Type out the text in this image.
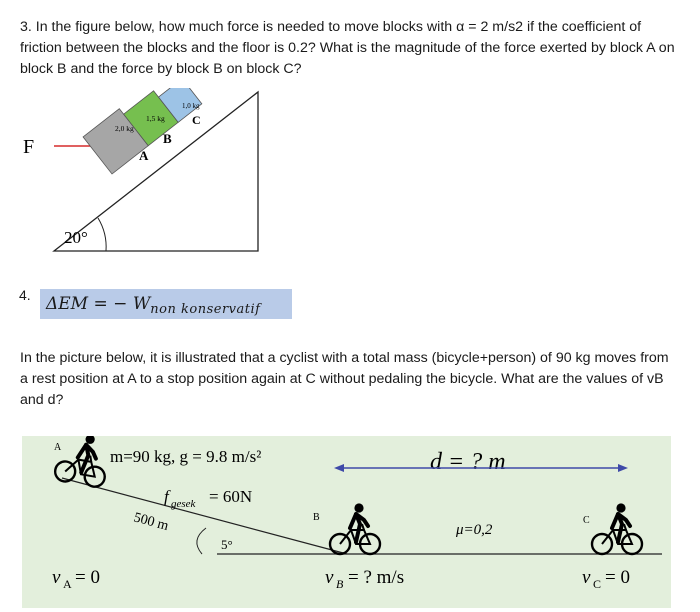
3. In the figure below, how much force is needed to move blocks with α = 2 m/s2 if the coefficient of friction between the blocks and the floor is 0.2? What is the magnitude of the force exerted by block A on block B and the force by block B on block C?

20°
F
2,0 kg
A
1,5 kg
B
1,0 kg
C
4. ΔEM = − $W_{non konservatif}$

In the picture below, it is illustrated that a cyclist with a total mass (bicycle+person) of 90 kg moves from a rest position at A to a stop position again at C without pedaling the bicycle. What are the values of vB and d?

5°
m=90 kg, g = 9.8 m/s²	d = ? m
gesek
f = 60N
500 m	μ=0,2
A
B	C
v A = 0	v B = ? m/s	v C = 0
